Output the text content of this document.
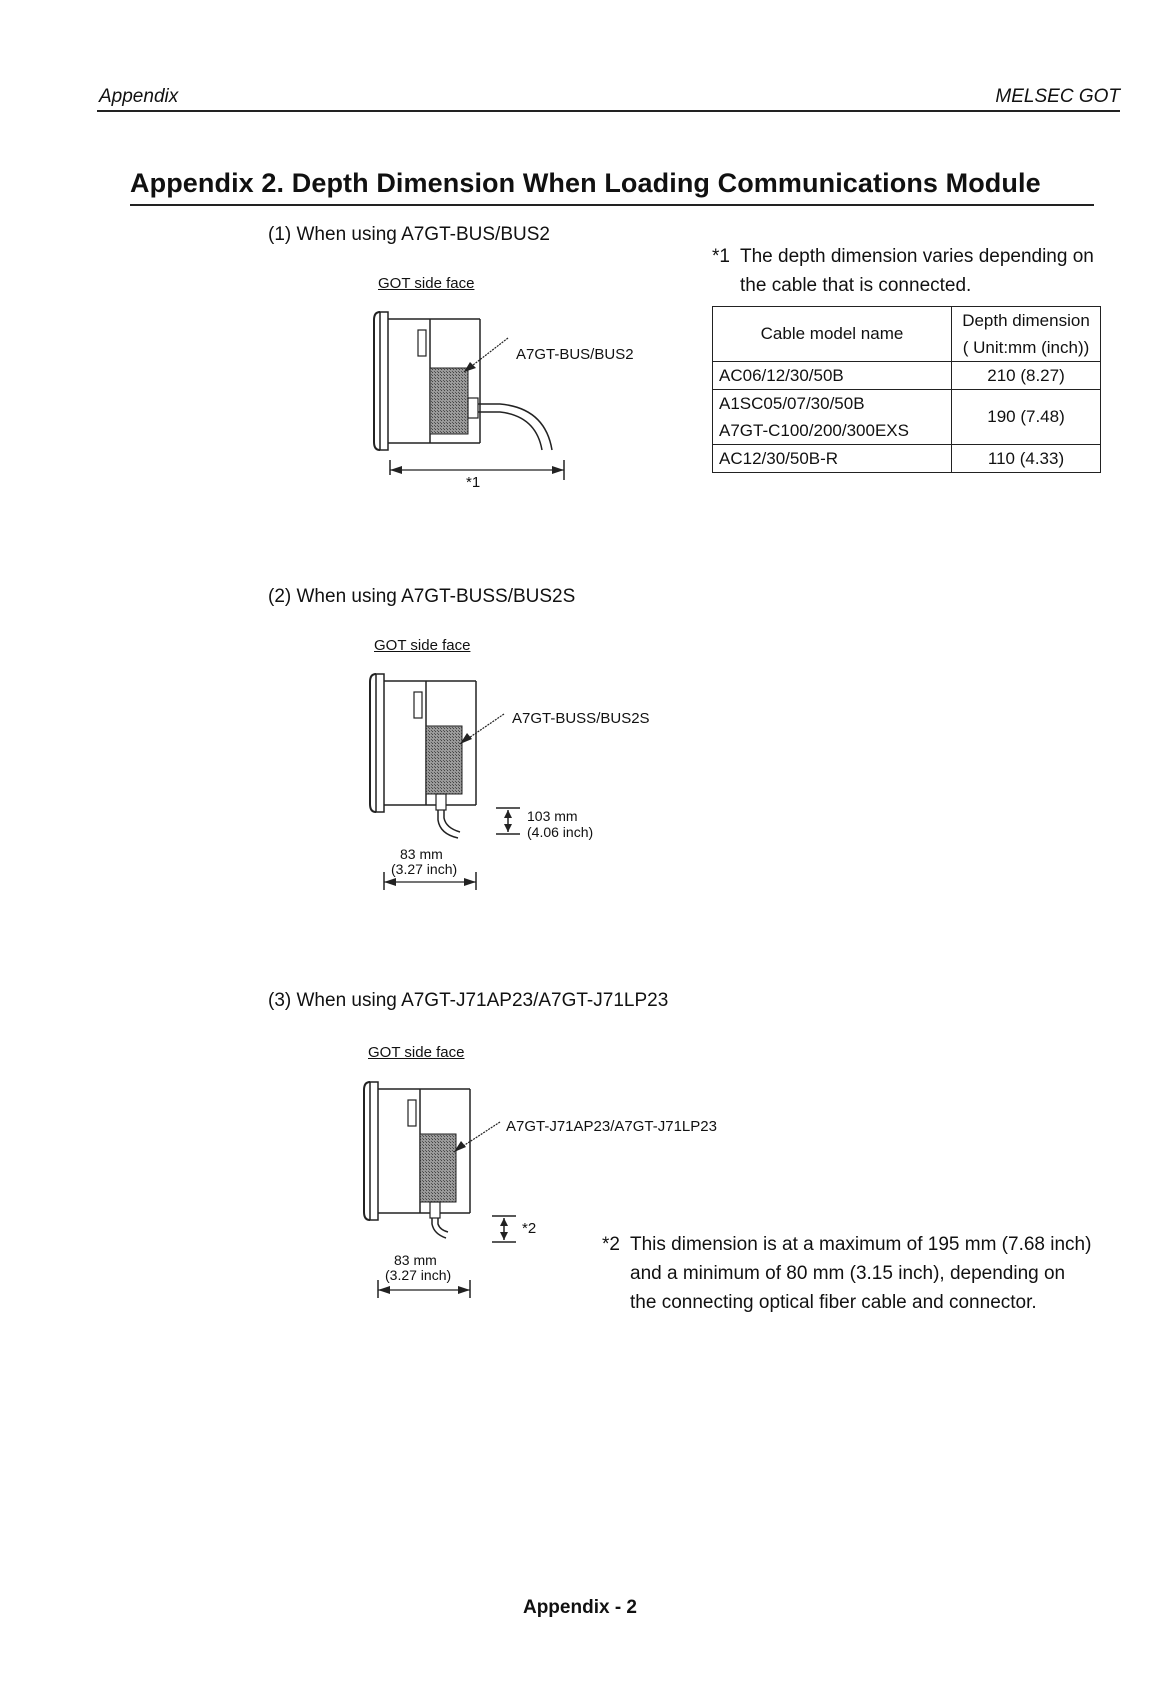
Appendix	MELSEC GOT
Appendix 2. Depth Dimension When Loading Communications Module
(1) When using A7GT-BUS/BUS2
GOT side face
A7GT-BUS/BUS2
*1
*1 The depth dimension varies depending on
the cable that is connected.
Cable model name	Depth dimension
( Unit:mm (inch))

AC06/12/30/50B	210 (8.27)

A1SC05/07/30/50B
A7GT-C100/200/300EXS	190 (7.48)
AC12/30/50B-R	110 (4.33)
(2) When using A7GT-BUSS/BUS2S
GOT side face
A7GT-BUSS/BUS2S
103 mm
(4.06 inch)
83 mm
(3.27 inch)
(3) When using A7GT-J71AP23/A7GT-J71LP23
GOT side face
A7GT-J71AP23/A7GT-J71LP23
*2
83 mm
(3.27 inch)
*2 This dimension is at a maximum of 195 mm (7.68 inch)
and a minimum of 80 mm (3.15 inch), depending on
the connecting optical fiber cable and connector.
Appendix - 2
